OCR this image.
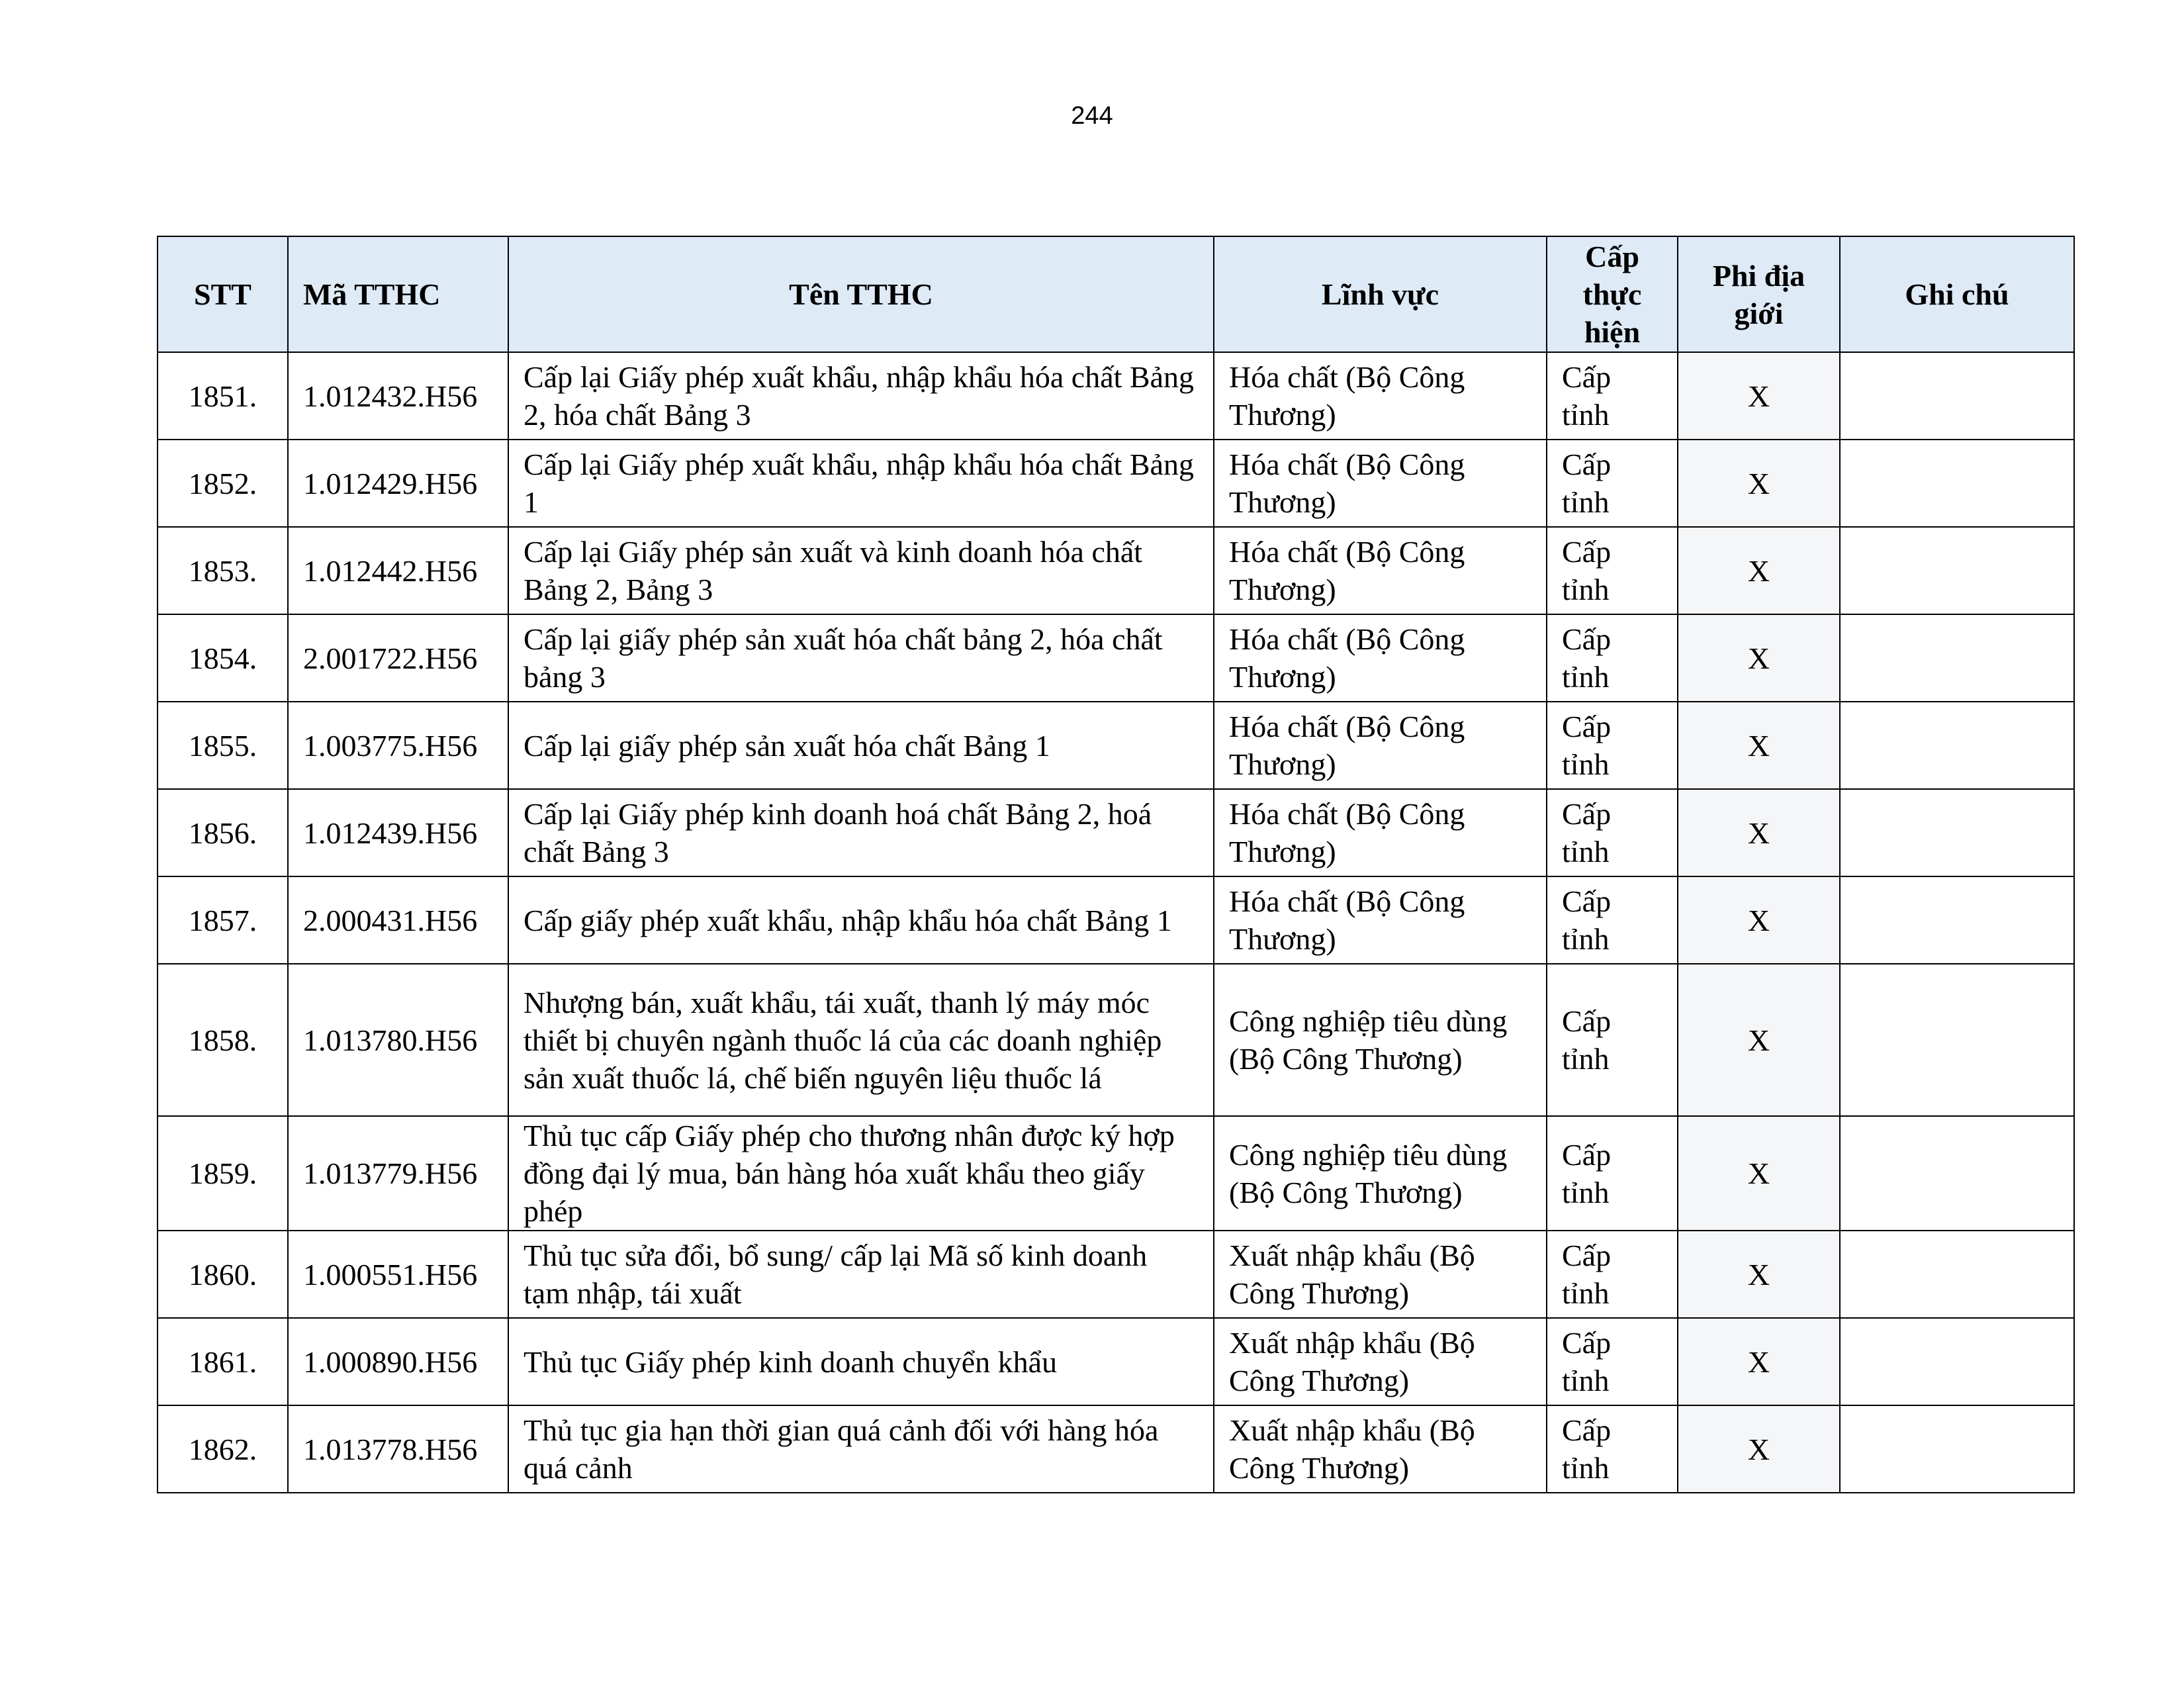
244
STT	Mã TTHC	Tên TTHC	Lĩnh vực	Cấp thực hiện	Phi địa giới	Ghi chú
1851.	1.012432.H56	Cấp lại Giấy phép xuất khẩu, nhập khẩu hóa chất Bảng 2, hóa chất Bảng 3	Hóa chất (Bộ Công Thương)	Cấp tỉnh	X	
1852.	1.012429.H56	Cấp lại Giấy phép xuất khẩu, nhập khẩu hóa chất Bảng 1	Hóa chất (Bộ Công Thương)	Cấp tỉnh	X	
1853.	1.012442.H56	Cấp lại Giấy phép sản xuất và kinh doanh hóa chất Bảng 2, Bảng 3	Hóa chất (Bộ Công Thương)	Cấp tỉnh	X	
1854.	2.001722.H56	Cấp lại giấy phép sản xuất hóa chất bảng 2, hóa chất bảng 3	Hóa chất (Bộ Công Thương)	Cấp tỉnh	X	
1855.	1.003775.H56	Cấp lại giấy phép sản xuất hóa chất Bảng 1	Hóa chất (Bộ Công Thương)	Cấp tỉnh	X	
1856.	1.012439.H56	Cấp lại Giấy phép kinh doanh hoá chất Bảng 2, hoá chất Bảng 3	Hóa chất (Bộ Công Thương)	Cấp tỉnh	X	
1857.	2.000431.H56	Cấp giấy phép xuất khẩu, nhập khẩu hóa chất Bảng 1	Hóa chất (Bộ Công Thương)	Cấp tỉnh	X	
1858.	1.013780.H56	Nhượng bán, xuất khẩu, tái xuất, thanh lý máy móc thiết bị chuyên ngành thuốc lá của các doanh nghiệp sản xuất thuốc lá, chế biến nguyên liệu thuốc lá	Công nghiệp tiêu dùng (Bộ Công Thương)	Cấp tỉnh	X	
1859.	1.013779.H56	Thủ tục cấp Giấy phép cho thương nhân được ký hợp đồng đại lý mua, bán hàng hóa xuất khẩu theo giấy phép	Công nghiệp tiêu dùng (Bộ Công Thương)	Cấp tỉnh	X	
1860.	1.000551.H56	Thủ tục sửa đổi, bổ sung/ cấp lại Mã số kinh doanh tạm nhập, tái xuất	Xuất nhập khẩu (Bộ Công Thương)	Cấp tỉnh	X	
1861.	1.000890.H56	Thủ tục Giấy phép kinh doanh chuyển khẩu	Xuất nhập khẩu (Bộ Công Thương)	Cấp tỉnh	X	
1862.	1.013778.H56	Thủ tục gia hạn thời gian quá cảnh đối với hàng hóa quá cảnh	Xuất nhập khẩu (Bộ Công Thương)	Cấp tỉnh	X	
